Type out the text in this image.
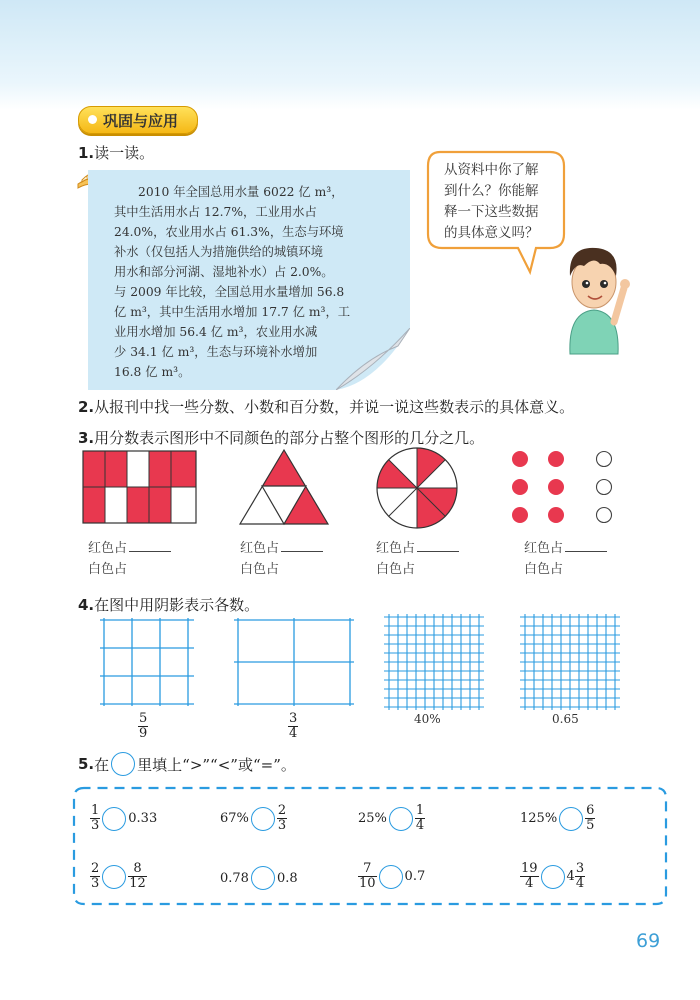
巩固与应用
1.读一读。
2010 年全国总用水量 6022 亿 m³，
其中生活用水占 12.7%，工业用水占
24.0%，农业用水占 61.3%，生态与环境
补水（仅包括人为措施供给的城镇环境
用水和部分河湖、湿地补水）占 2.0%。
与 2009 年比较，全国总用水量增加 56.8
亿 m³，其中生活用水增加 17.7 亿 m³，工
业用水增加 56.4 亿 m³，农业用水减
少 34.1 亿 m³，生态与环境补水增加
16.8 亿 m³。
从资料中你了解
到什么？你能解
释一下这些数据
的具体意义吗？
2.从报刊中找一些分数、小数和百分数，并说一说这些数表示的具体意义。
3.用分数表示图形中不同颜色的部分占整个图形的几分之几。
红色占
白色占
红色占
白色占
红色占
白色占
红色占
白色占
4.在图中用阴影表示各数。
$\frac{5}{9}$	$\frac{3}{4}$	40%	0.65
5. 在 里填上“>”“<”或“=”。
$\frac{1}{3} 0.33$	$67\% \frac{2}{3}$	$25\% \frac{1}{4}$	$125\% \frac{6}{5}$
$\frac{2}{3} \frac{8}{12}$	0.78 0.8	$\frac{7}{10} 0.7$	$\frac{19}{4} 4 \frac{3}{4}$
69
